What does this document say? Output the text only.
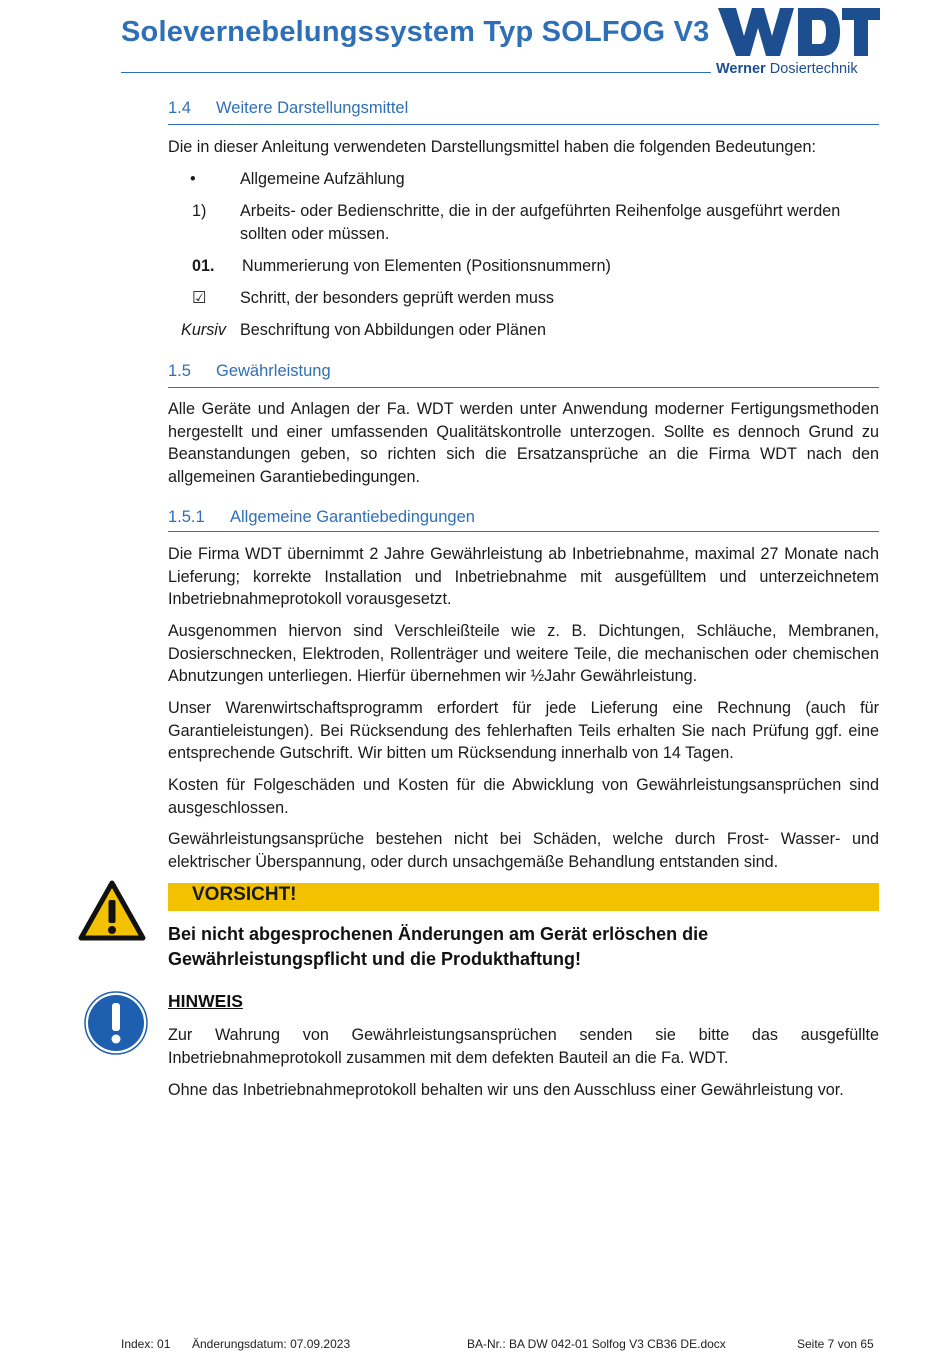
Solevernebelungssystem Typ SOLFOG V3
Werner Dosiertechnik
1.4 Weitere Darstellungsmittel

Die in dieser Anleitung verwendeten Darstellungsmittel haben die folgenden Bedeutungen:

•	Allgemeine Aufzählung
1)	Arbeits- oder Bedienschritte, die in der aufgeführten Reihenfolge ausgeführt werden sollten oder müssen.
01.	Nummerierung von Elementen (Positionsnummern)
☑	Schritt, der besonders geprüft werden muss
Kursiv Beschriftung von Abbildungen oder Plänen
1.5 Gewährleistung

Alle Geräte und Anlagen der Fa. WDT werden unter Anwendung moderner Fertigungsmethoden hergestellt und einer umfassenden Qualitätskontrolle unterzogen. Sollte es dennoch Grund zu Beanstandungen geben, so richten sich die Ersatzansprüche an die Firma WDT nach den allgemeinen Garantiebedingungen.

1.5.1 Allgemeine Garantiebedingungen

Die Firma WDT übernimmt 2 Jahre Gewährleistung ab Inbetriebnahme, maximal 27 Monate nach Lieferung; korrekte Installation und Inbetriebnahme mit ausgefülltem und unterzeichnetem Inbetriebnahmeprotokoll vorausgesetzt.

Ausgenommen hiervon sind Verschleißteile wie z. B. Dichtungen, Schläuche, Membranen, Dosierschnecken, Elektroden, Rollenträger und weitere Teile, die mechanischen oder chemischen Abnutzungen unterliegen. Hierfür übernehmen wir ½Jahr Gewährleistung.

Unser Warenwirtschaftsprogramm erfordert für jede Lieferung eine Rechnung (auch für Garantieleistungen). Bei Rücksendung des fehlerhaften Teils erhalten Sie nach Prüfung ggf. eine entsprechende Gutschrift. Wir bitten um Rücksendung innerhalb von 14 Tagen.

Kosten für Folgeschäden und Kosten für die Abwicklung von Gewährleistungsansprüchen sind ausgeschlossen.

Gewährleistungsansprüche bestehen nicht bei Schäden, welche durch Frost- Wasser- und elektrischer Überspannung, oder durch unsachgemäße Behandlung entstanden sind.

VORSICHT!
Bei nicht abgesprochenen Änderungen am Gerät erlöschen die Gewährleistungspflicht und die Produkthaftung!
HINWEIS

Zur Wahrung von Gewährleistungsansprüchen senden sie bitte das ausgefüllte Inbetriebnahmeprotokoll zusammen mit dem defekten Bauteil an die Fa. WDT.

Ohne das Inbetriebnahmeprotokoll behalten wir uns den Ausschluss einer Gewährleistung vor.

Index: 01 Änderungsdatum: 07.09.2023	BA-Nr.: BA DW 042-01 Solfog V3 CB36 DE.docx	Seite 7 von 65
